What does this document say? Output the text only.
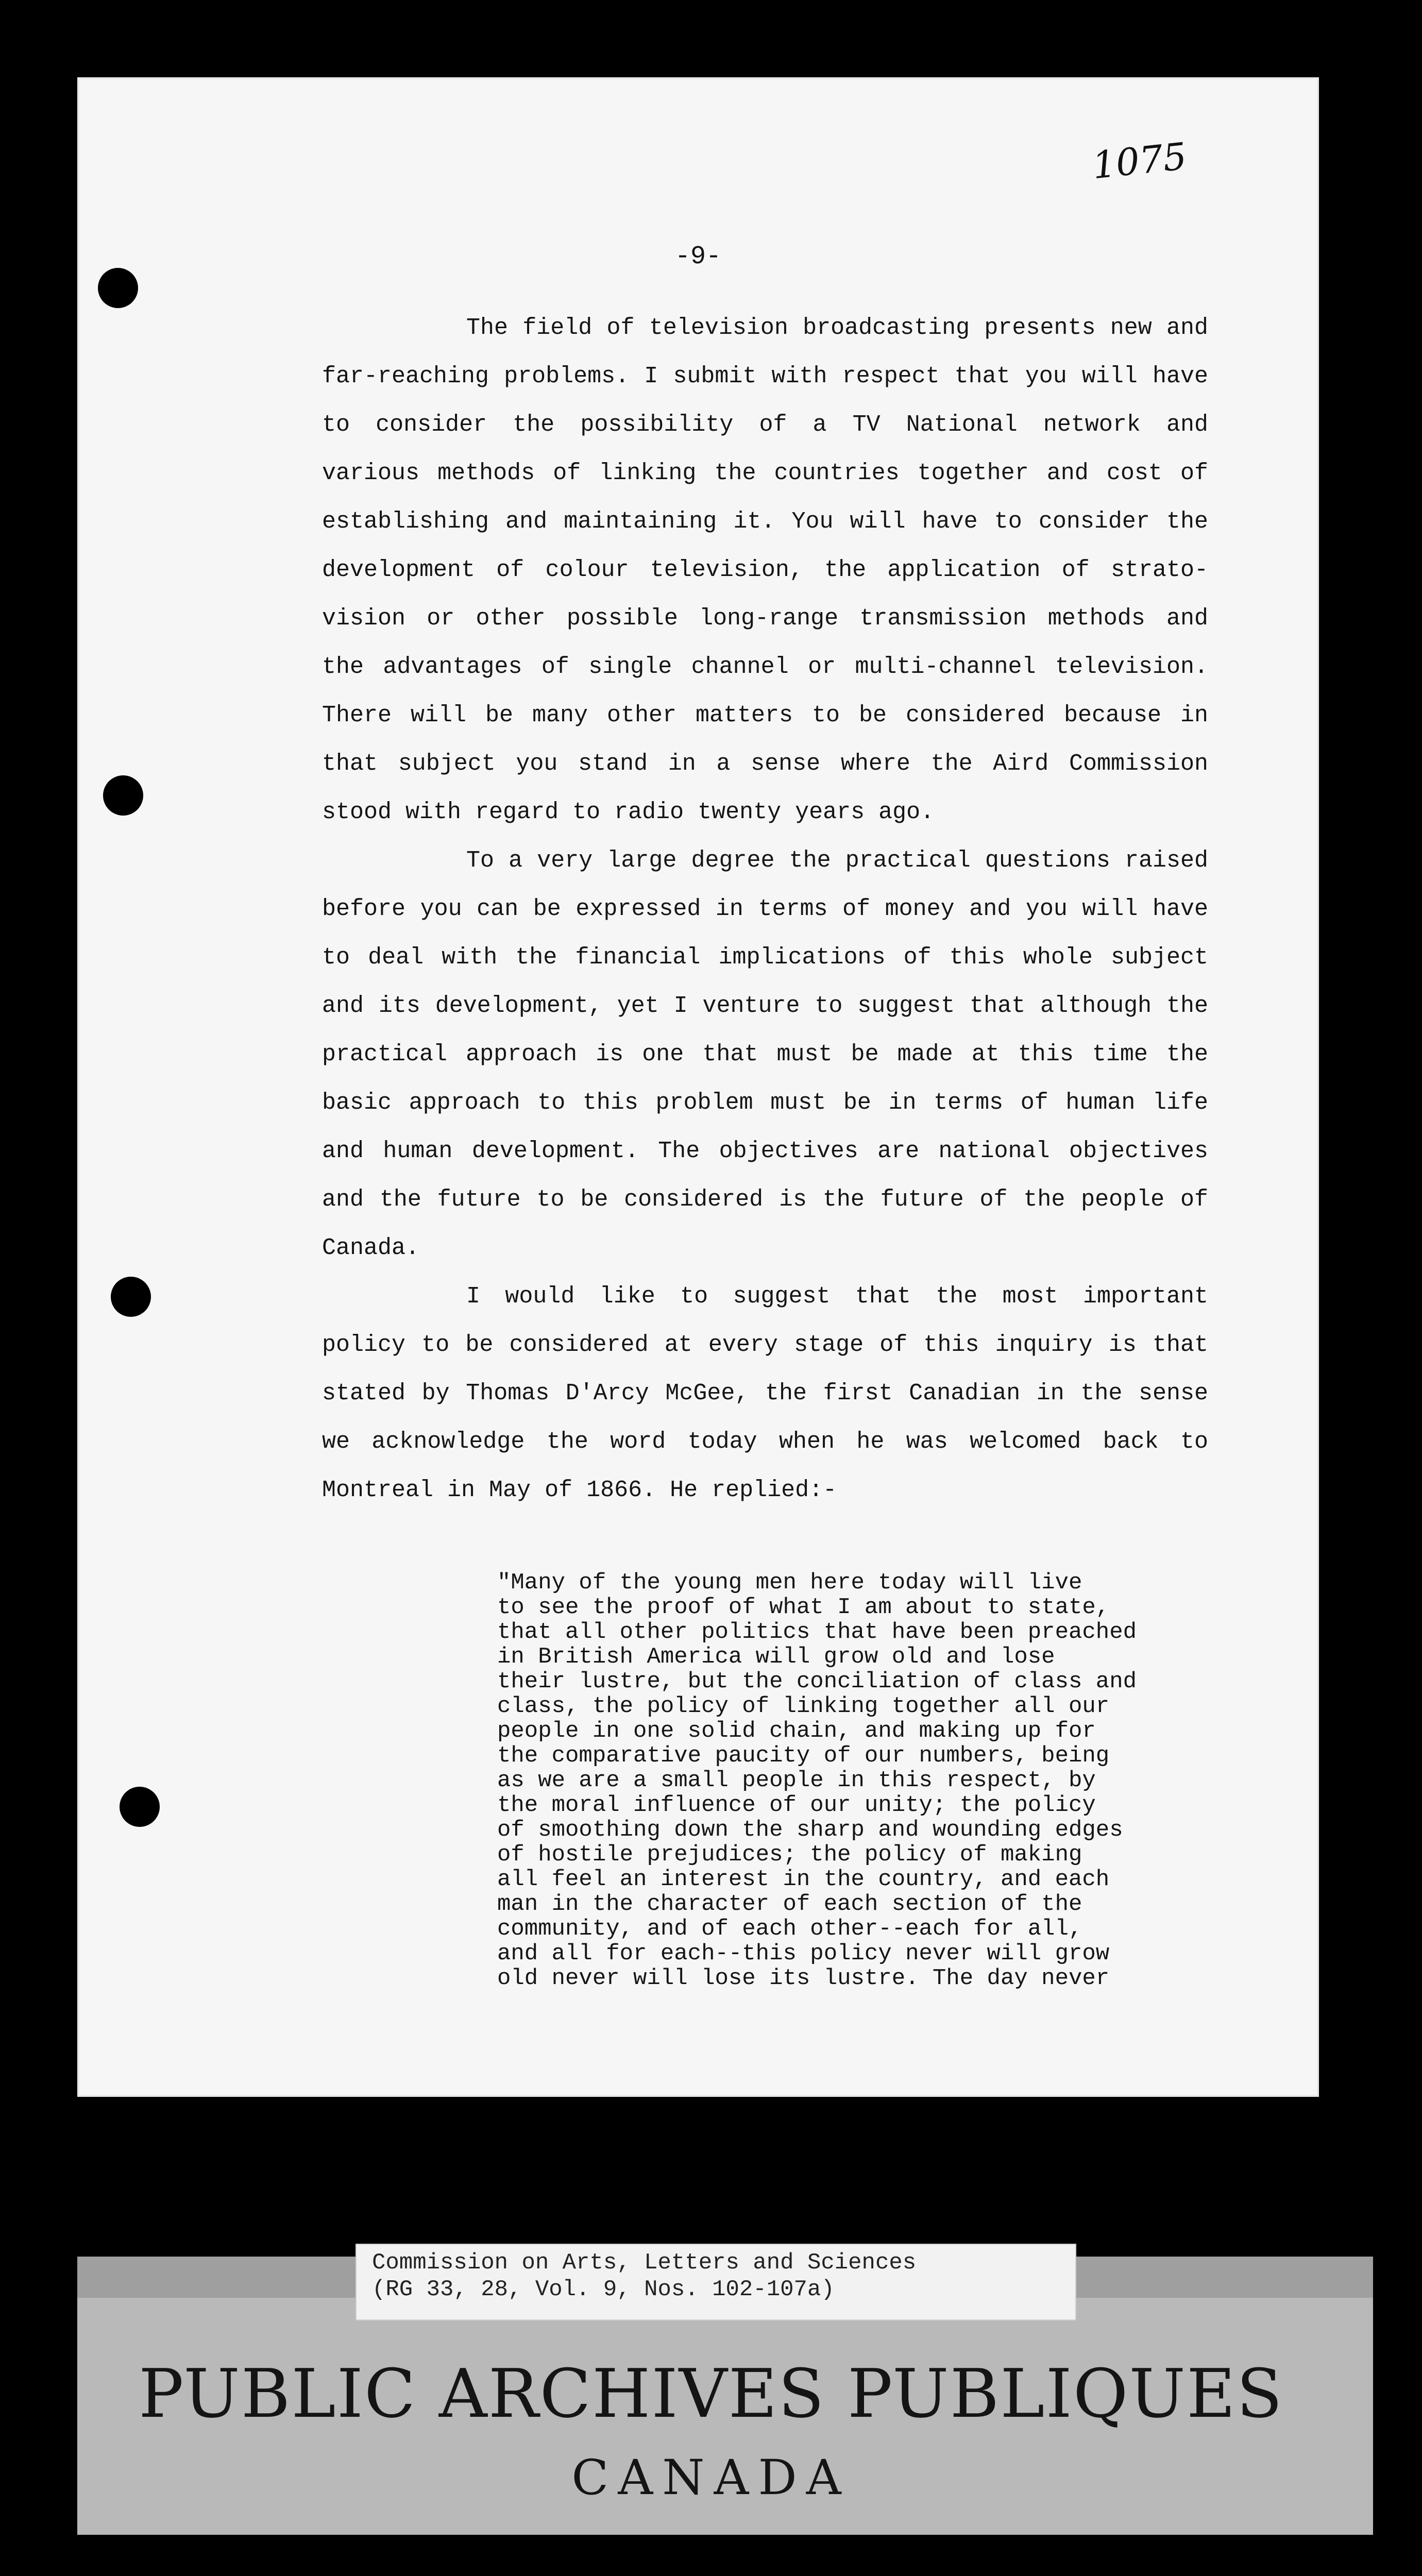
1075
-9-

The field of television broadcasting presents new and far-reaching problems. I submit with respect that you will have to consider the possibility of a TV National network and various methods of linking the countries together and cost of establishing and maintaining it. You will have to consider the development of colour television, the application of strato-vision or other possible long-range transmission methods and the advantages of single channel or multi-channel television. There will be many other matters to be considered because in that subject you stand in a sense where the Aird Commission stood with regard to radio twenty years ago.

To a very large degree the practical questions raised before you can be expressed in terms of money and you will have to deal with the financial implications of this whole subject and its development, yet I venture to suggest that although the practical approach is one that must be made at this time the basic approach to this problem must be in terms of human life and human development. The objectives are national objectives and the future to be considered is the future of the people of Canada.

I would like to suggest that the most important policy to be considered at every stage of this inquiry is that stated by Thomas D'Arcy McGee, the first Canadian in the sense we acknowledge the word today when he was welcomed back to Montreal in May of 1866. He replied:-

"Many of the young men here today will live
to see the proof of what I am about to state,
that all other politics that have been preached
in British America will grow old and lose
their lustre, but the conciliation of class and
class, the policy of linking together all our
people in one solid chain, and making up for
the comparative paucity of our numbers, being
as we are a small people in this respect, by
the moral influence of our unity; the policy
of smoothing down the sharp and wounding edges
of hostile prejudices; the policy of making
all feel an interest in the country, and each
man in the character of each section of the
community, and of each other--each for all,
and all for each--this policy never will grow
old never will lose its lustre. The day never
Commission on Arts, Letters and Sciences
(RG 33, 28, Vol. 9, Nos. 102-107a)
PUBLIC ARCHIVES PUBLIQUES
CANADA
